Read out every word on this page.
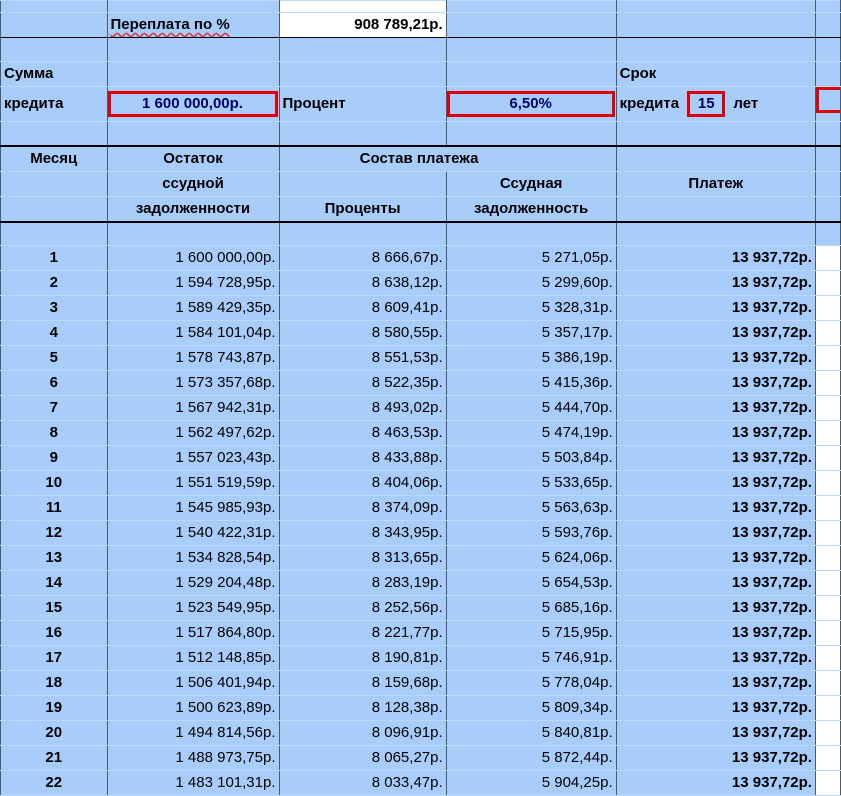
	Переплата по %	908 789,21р.			

Сумма				Срок	
кредита	1 600 000,00р.	Процент	6,50%	кредита 15 лет	

Месяц	Остаток	Состав платежа			
	ссудной		Ссудная	Платеж	
	задолженности	Проценты	задолженность		

1	1 600 000,00р.	8 666,67р.	5 271,05р.	13 937,72р.	
2	1 594 728,95р.	8 638,12р.	5 299,60р.	13 937,72р.	
3	1 589 429,35р.	8 609,41р.	5 328,31р.	13 937,72р.	
4	1 584 101,04р.	8 580,55р.	5 357,17р.	13 937,72р.	
5	1 578 743,87р.	8 551,53р.	5 386,19р.	13 937,72р.	
6	1 573 357,68р.	8 522,35р.	5 415,36р.	13 937,72р.	
7	1 567 942,31р.	8 493,02р.	5 444,70р.	13 937,72р.	
8	1 562 497,62р.	8 463,53р.	5 474,19р.	13 937,72р.	
9	1 557 023,43р.	8 433,88р.	5 503,84р.	13 937,72р.	
10	1 551 519,59р.	8 404,06р.	5 533,65р.	13 937,72р.	
11	1 545 985,93р.	8 374,09р.	5 563,63р.	13 937,72р.	
12	1 540 422,31р.	8 343,95р.	5 593,76р.	13 937,72р.	
13	1 534 828,54р.	8 313,65р.	5 624,06р.	13 937,72р.	
14	1 529 204,48р.	8 283,19р.	5 654,53р.	13 937,72р.	
15	1 523 549,95р.	8 252,56р.	5 685,16р.	13 937,72р.	
16	1 517 864,80р.	8 221,77р.	5 715,95р.	13 937,72р.	
17	1 512 148,85р.	8 190,81р.	5 746,91р.	13 937,72р.	
18	1 506 401,94р.	8 159,68р.	5 778,04р.	13 937,72р.	
19	1 500 623,89р.	8 128,38р.	5 809,34р.	13 937,72р.	
20	1 494 814,56р.	8 096,91р.	5 840,81р.	13 937,72р.	
21	1 488 973,75р.	8 065,27р.	5 872,44р.	13 937,72р.	
22	1 483 101,31р.	8 033,47р.	5 904,25р.	13 937,72р.	
